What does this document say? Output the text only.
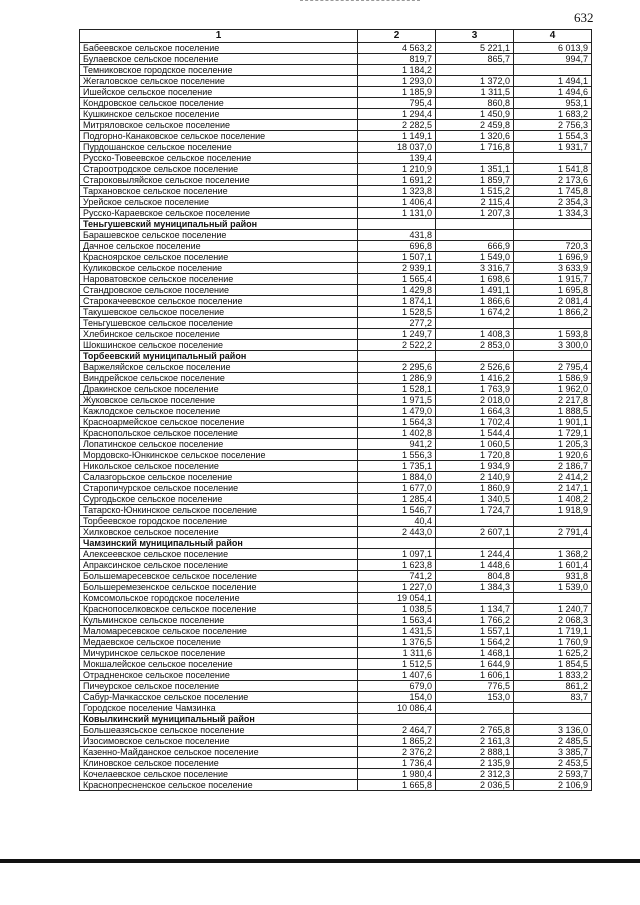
632
1	2	3	4
Бабеевское сельское поселение	4 563,2	5 221,1	6 013,9
Булаевское сельское поселение	819,7	865,7	994,7
Темниковское городское поселение	1 184,2		
Жегаловское сельское поселение	1 293,0	1 372,0	1 494,1
Ишейское сельское поселение	1 185,9	1 311,5	1 494,6
Кондровское сельское поселение	795,4	860,8	953,1
Кушкинское сельское поселение	1 294,4	1 450,9	1 683,2
Митряловское сельское поселение	2 282,5	2 459,8	2 756,3
Подгорно-Канаковское сельское поселение	1 149,1	1 320,6	1 554,3
Пурдошанское сельское поселение	18 037,0	1 716,8	1 931,7
Русско-Тювеевское сельское поселение	139,4		
Староотродское сельское поселение	1 210,9	1 351,1	1 541,8
Староковыляйское сельское поселение	1 691,2	1 859,7	2 173,6
Тархановское сельское поселение	1 323,8	1 515,2	1 745,8
Урейское сельское поселение	1 406,4	2 115,4	2 354,3
Русско-Караевское сельское поселение	1 131,0	1 207,3	1 334,3
Теньгушевский муниципальный район			
Барашевское сельское поселение	431,8		
Дачное сельское поселение	696,8	666,9	720,3
Красноярское сельское поселение	1 507,1	1 549,0	1 696,9
Куликовское сельское поселение	2 939,1	3 316,7	3 633,9
Нароватовское сельское поселение	1 565,4	1 698,6	1 915,7
Стандровское сельское поселение	1 429,8	1 491,1	1 695,8
Старокачеевское сельское поселение	1 874,1	1 866,6	2 081,4
Такушевское сельское поселение	1 528,5	1 674,2	1 866,2
Теньгушевское сельское поселение	277,2		
Хлебинское сельское поселение	1 249,7	1 408,3	1 593,8
Шокшинское сельское поселение	2 522,2	2 853,0	3 300,0
Торбеевский муниципальный район			
Варжеляйское сельское поселение	2 295,6	2 526,6	2 795,4
Виндрейское сельское поселение	1 286,9	1 416,2	1 586,9
Дракинское сельское поселение	1 528,1	1 763,9	1 962,0
Жуковское сельское поселение	1 971,5	2 018,0	2 217,8
Кажлодское сельское поселение	1 479,0	1 664,3	1 888,5
Красноармейское сельское поселение	1 564,3	1 702,4	1 901,1
Краснопольское сельское поселение	1 402,8	1 544,4	1 729,1
Лопатинское сельское поселение	941,2	1 060,5	1 205,3
Мордовско-Юнкинское сельское поселение	1 556,3	1 720,8	1 920,6
Никольское сельское поселение	1 735,1	1 934,9	2 186,7
Салазгорьское сельское поселение	1 884,0	2 140,9	2 414,2
Старопичурское сельское поселение	1 677,0	1 860,9	2 147,1
Сургодьское сельское поселение	1 285,4	1 340,5	1 408,2
Татарско-Юнкинское сельское поселение	1 546,7	1 724,7	1 918,9
Торбеевское городское поселение	40,4		
Хилковское сельское поселение	2 443,0	2 607,1	2 791,4
Чамзинский муниципальный район			
Алексеевское сельское поселение	1 097,1	1 244,4	1 368,2
Апраксинское сельское поселение	1 623,8	1 448,6	1 601,4
Большемаресевское сельское поселение	741,2	804,8	931,8
Большеремезенское сельское поселение	1 227,0	1 384,3	1 539,0
Комсомольское городское поселение	19 054,1		
Краснопоселковское сельское поселение	1 038,5	1 134,7	1 240,7
Кульминское сельское поселение	1 563,4	1 766,2	2 068,3
Маломаресевское сельское поселение	1 431,5	1 557,1	1 719,1
Медаевское сельское поселение	1 376,5	1 564,2	1 760,9
Мичуринское сельское поселение	1 311,6	1 468,1	1 625,2
Мокшалейское сельское поселение	1 512,5	1 644,9	1 854,5
Отрадненское сельское поселение	1 407,6	1 606,1	1 833,2
Пичеурское сельское поселение	679,0	776,5	861,2
Сабур-Мачкасское сельское поселение	154,0	153,0	83,7
Городское поселение Чамзинка	10 086,4		
Ковылкинский муниципальный район			
Большеазясьское сельское поселение	2 464,7	2 765,8	3 136,0
Изосимовское сельское поселение	1 865,2	2 161,3	2 485,5
Казенно-Майданское сельское поселение	2 376,2	2 888,1	3 385,7
Клиновское сельское поселение	1 736,4	2 135,9	2 453,5
Кочелаевское сельское поселение	1 980,4	2 312,3	2 593,7
Краснопресненское сельское поселение	1 665,8	2 036,5	2 106,9
